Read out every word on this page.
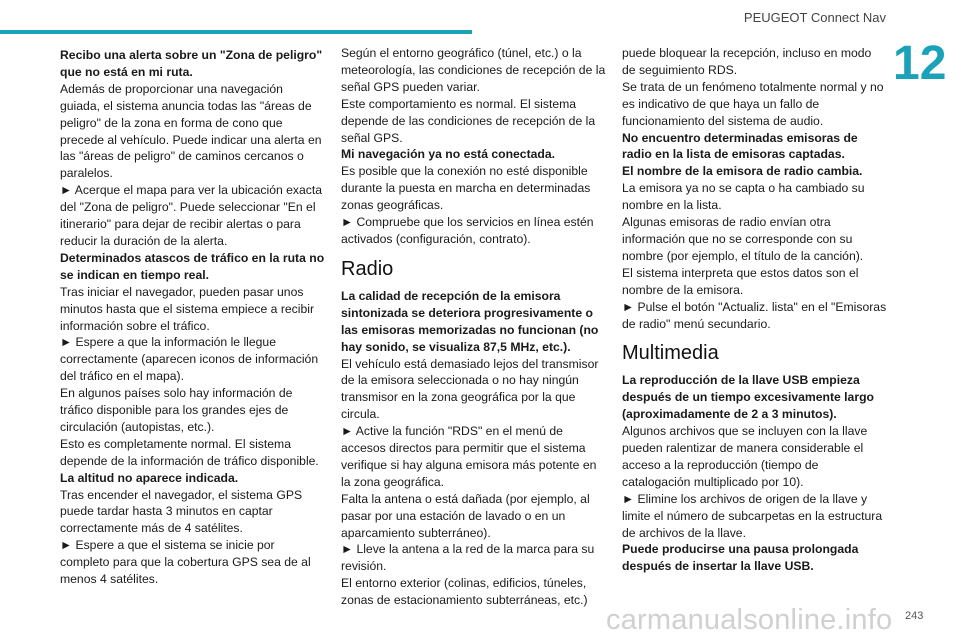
PEUGEOT Connect Nav
12

Recibo una alerta sobre un "Zona de peligro" que no está en mi ruta.

Además de proporcionar una navegación guiada, el sistema anuncia todas las "áreas de peligro" de la zona en forma de cono que precede al vehículo. Puede indicar una alerta en las "áreas de peligro" de caminos cercanos o paralelos.

► Acerque el mapa para ver la ubicación exacta del "Zona de peligro". Puede seleccionar "En el itinerario" para dejar de recibir alertas o para reducir la duración de la alerta.

Determinados atascos de tráfico en la ruta no se indican en tiempo real.

Tras iniciar el navegador, pueden pasar unos minutos hasta que el sistema empiece a recibir información sobre el tráfico.

► Espere a que la información le llegue correctamente (aparecen iconos de información del tráfico en el mapa).

En algunos países solo hay información de tráfico disponible para los grandes ejes de circulación (autopistas, etc.).

Esto es completamente normal. El sistema depende de la información de tráfico disponible.

La altitud no aparece indicada.

Tras encender el navegador, el sistema GPS puede tardar hasta 3 minutos en captar correctamente más de 4 satélites.

► Espere a que el sistema se inicie por completo para que la cobertura GPS sea de al menos 4 satélites.

Según el entorno geográfico (túnel, etc.) o la meteorología, las condiciones de recepción de la señal GPS pueden variar.

Este comportamiento es normal. El sistema depende de las condiciones de recepción de la señal GPS.

Mi navegación ya no está conectada.

Es posible que la conexión no esté disponible durante la puesta en marcha en determinadas zonas geográficas.

► Compruebe que los servicios en línea estén activados (configuración, contrato).

Radio

La calidad de recepción de la emisora sintonizada se deteriora progresivamente o las emisoras memorizadas no funcionan (no hay sonido, se visualiza 87,5 MHz, etc.).

El vehículo está demasiado lejos del transmisor de la emisora seleccionada o no hay ningún transmisor en la zona geográfica por la que circula.

► Active la función "RDS" en el menú de accesos directos para permitir que el sistema verifique si hay alguna emisora más potente en la zona geográfica.

Falta la antena o está dañada (por ejemplo, al pasar por una estación de lavado o en un aparcamiento subterráneo).

► Lleve la antena a la red de la marca para su revisión.

El entorno exterior (colinas, edificios, túneles, zonas de estacionamiento subterráneas, etc.)

puede bloquear la recepción, incluso en modo de seguimiento RDS.

Se trata de un fenómeno totalmente normal y no es indicativo de que haya un fallo de funcionamiento del sistema de audio.

No encuentro determinadas emisoras de radio en la lista de emisoras captadas.

El nombre de la emisora de radio cambia.

La emisora ya no se capta o ha cambiado su nombre en la lista.

Algunas emisoras de radio envían otra información que no se corresponde con su nombre (por ejemplo, el título de la canción).

El sistema interpreta que estos datos son el nombre de la emisora.

► Pulse el botón "Actualiz. lista" en el "Emisoras de radio" menú secundario.

Multimedia

La reproducción de la llave USB empieza después de un tiempo excesivamente largo (aproximadamente de 2 a 3 minutos).

Algunos archivos que se incluyen con la llave pueden ralentizar de manera considerable el acceso a la reproducción (tiempo de catalogación multiplicado por 10).

► Elimine los archivos de origen de la llave y limite el número de subcarpetas en la estructura de archivos de la llave.

Puede producirse una pausa prolongada después de insertar la llave USB.

carmanualsonline.info 243
